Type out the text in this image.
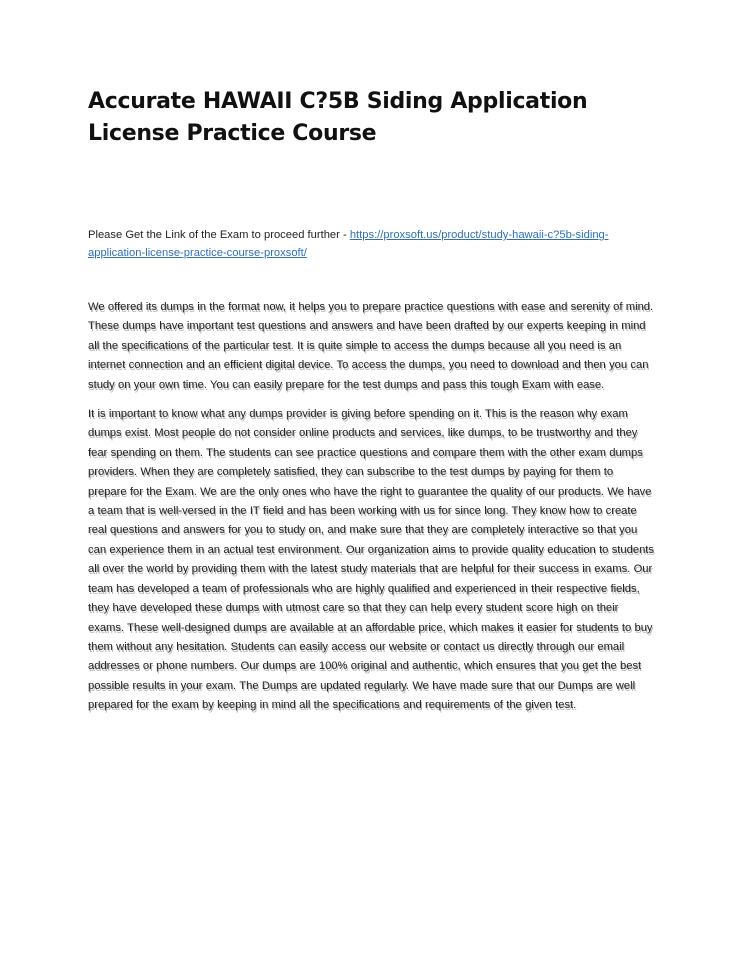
Accurate HAWAII C?5B Siding Application License Practice Course

Please Get the Link of the Exam to proceed further - https://proxsoft.us/product/study-hawaii-c?5b-siding-application-license-practice-course-proxsoft/

We offered its dumps in the format now, it helps you to prepare practice questions with ease and serenity of mind. These dumps have important test questions and answers and have been drafted by our experts keeping in mind all the specifications of the particular test. It is quite simple to access the dumps because all you need is an internet connection and an efficient digital device. To access the dumps, you need to download and then you can study on your own time. You can easily prepare for the test dumps and pass this tough Exam with ease.

It is important to know what any dumps provider is giving before spending on it. This is the reason why exam dumps exist. Most people do not consider online products and services, like dumps, to be trustworthy and they fear spending on them. The students can see practice questions and compare them with the other exam dumps providers. When they are completely satisfied, they can subscribe to the test dumps by paying for them to prepare for the Exam. We are the only ones who have the right to guarantee the quality of our products. We have a team that is well-versed in the IT field and has been working with us for since long. They know how to create real questions and answers for you to study on, and make sure that they are completely interactive so that you can experience them in an actual test environment. Our organization aims to provide quality education to students all over the world by providing them with the latest study materials that are helpful for their success in exams. Our team has developed a team of professionals who are highly qualified and experienced in their respective fields, they have developed these dumps with utmost care so that they can help every student score high on their exams. These well-designed dumps are available at an affordable price, which makes it easier for students to buy them without any hesitation. Students can easily access our website or contact us directly through our email addresses or phone numbers. Our dumps are 100% original and authentic, which ensures that you get the best possible results in your exam. The Dumps are updated regularly. We have made sure that our Dumps are well prepared for the exam by keeping in mind all the specifications and requirements of the given test.
